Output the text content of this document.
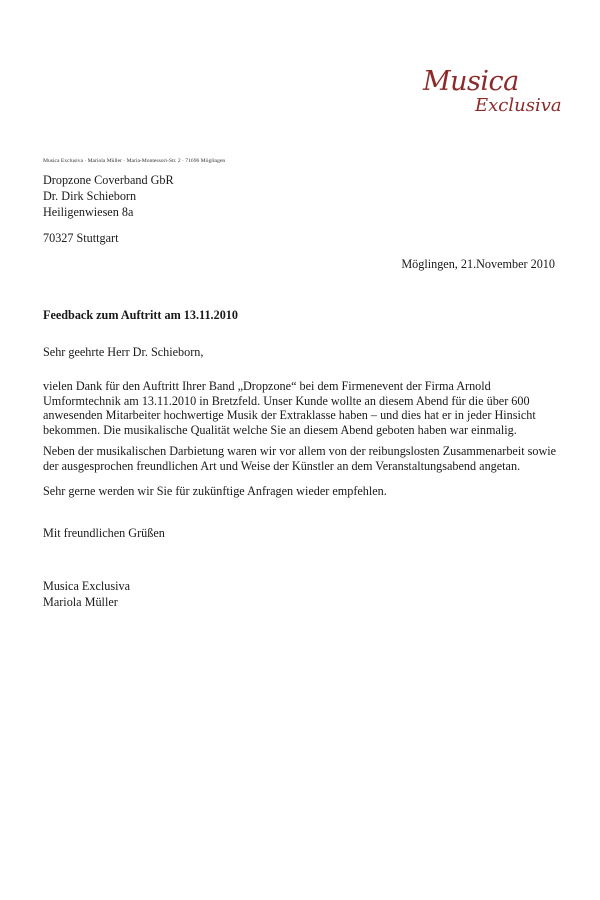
Musica
Exclusiva
Musica Exclusiva · Mariola Müller · Maria-Montessori-Str. 2 · 71696 Möglingen
Dropzone Coverband GbR
Dr. Dirk Schieborn
Heiligenwiesen 8a
70327 Stuttgart
Möglingen, 21.November 2010
Feedback zum Auftritt am 13.11.2010
Sehr geehrte Herr Dr. Schieborn,
vielen Dank für den Auftritt Ihrer Band „Dropzone“ bei dem Firmenevent der Firma Arnold Umformtechnik am 13.11.2010 in Bretzfeld. Unser Kunde wollte an diesem Abend für die über 600 anwesenden Mitarbeiter hochwertige Musik der Extraklasse haben – und dies hat er in jeder Hinsicht bekommen. Die musikalische Qualität welche Sie an diesem Abend geboten haben war einmalig.
Neben der musikalischen Darbietung waren wir vor allem von der reibungslosten Zusammenarbeit sowie der ausgesprochen freundlichen Art und Weise der Künstler an dem Veranstaltungsabend angetan.
Sehr gerne werden wir Sie für zukünftige Anfragen wieder empfehlen.
Mit freundlichen Grüßen
Musica Exclusiva
Mariola Müller
